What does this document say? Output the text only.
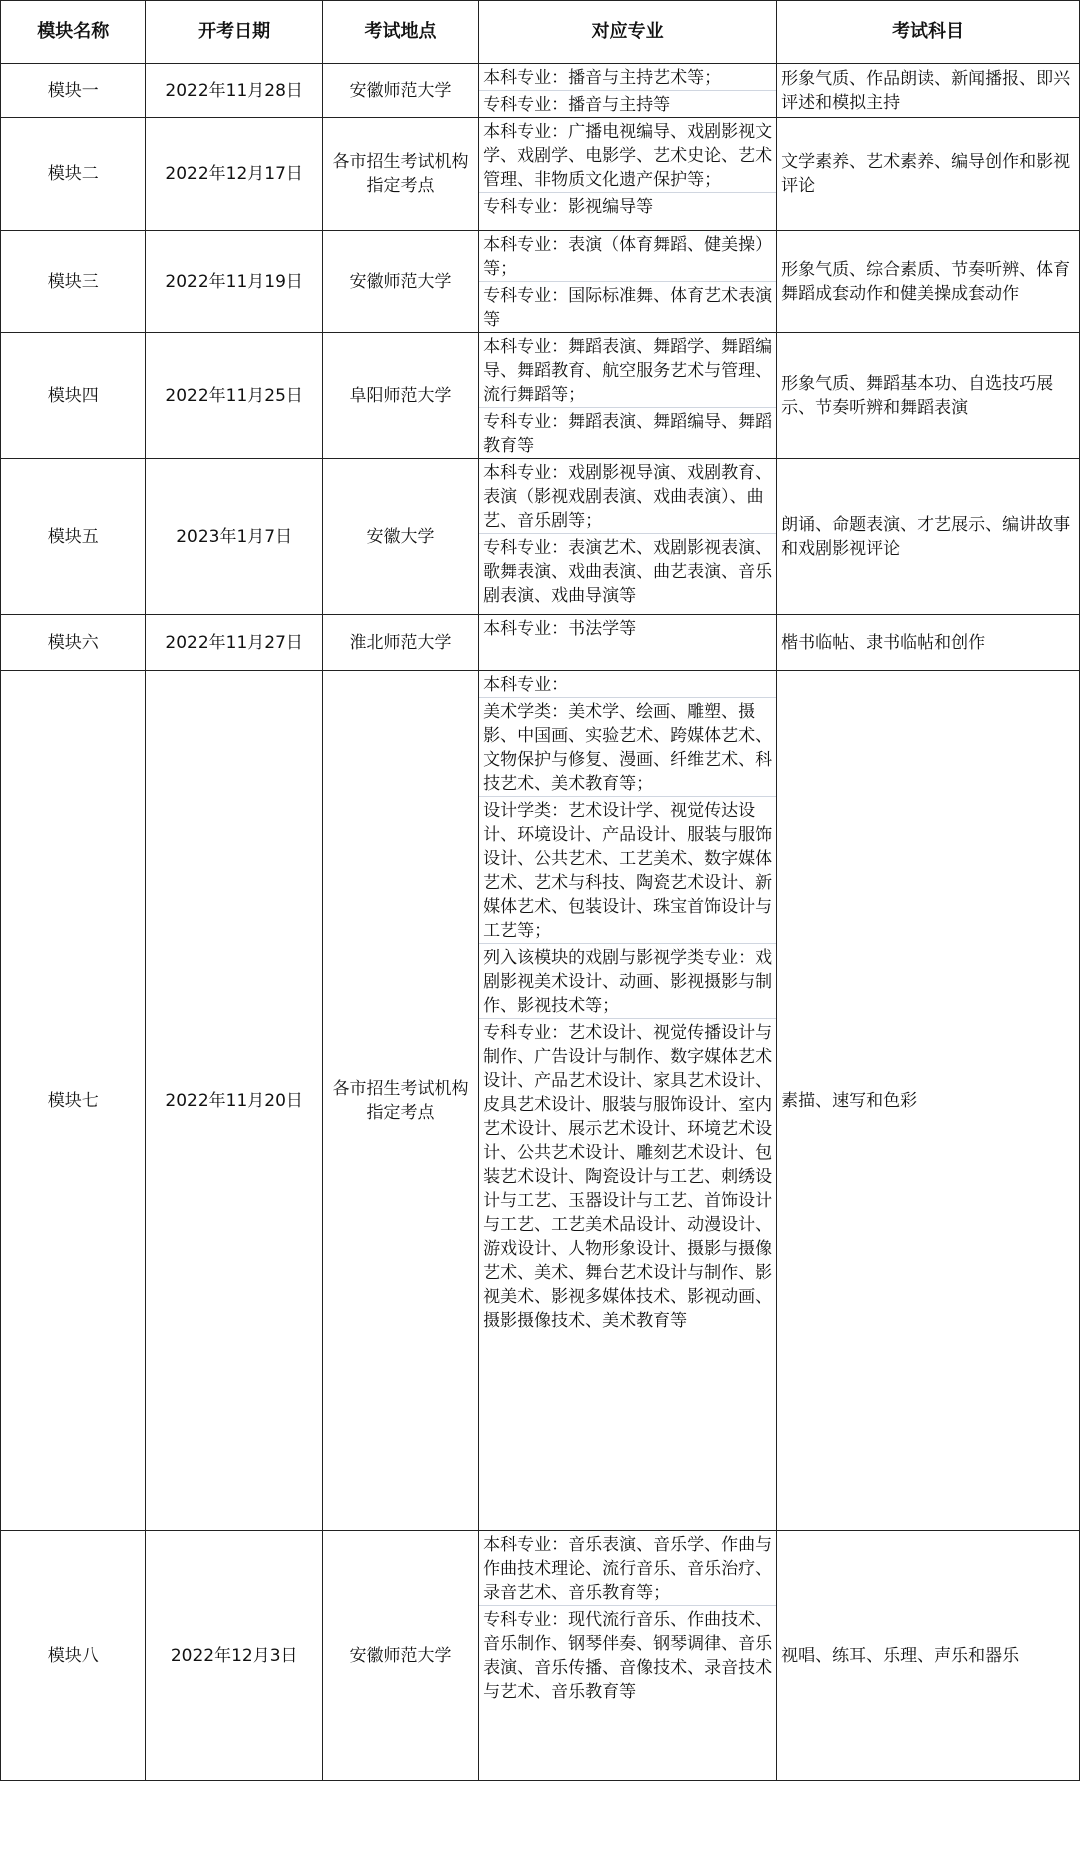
模块名称	开考日期	考试地点	对应专业	考试科目
模块一	2022年11月28日	安徽师范大学	本科专业：播音与主持艺术等；
专科专业：播音与主持等	形象气质、作品朗读、新闻播报、即兴评述和模拟主持
模块二	2022年12月17日	各市招生考试机构指定考点	本科专业：广播电视编导、戏剧影视文学、戏剧学、电影学、艺术史论、艺术管理、非物质文化遗产保护等；
专科专业：影视编导等	文学素养、艺术素养、编导创作和影视评论
模块三	2022年11月19日	安徽师范大学	本科专业：表演（体育舞蹈、健美操）等；
专科专业：国际标准舞、体育艺术表演等	形象气质、综合素质、节奏听辨、体育舞蹈成套动作和健美操成套动作
模块四	2022年11月25日	阜阳师范大学	本科专业：舞蹈表演、舞蹈学、舞蹈编导、舞蹈教育、航空服务艺术与管理、流行舞蹈等；
专科专业：舞蹈表演、舞蹈编导、舞蹈教育等	形象气质、舞蹈基本功、自选技巧展示、节奏听辨和舞蹈表演
模块五	2023年1月7日	安徽大学	本科专业：戏剧影视导演、戏剧教育、表演（影视戏剧表演、戏曲表演）、曲艺、音乐剧等；
专科专业：表演艺术、戏剧影视表演、歌舞表演、戏曲表演、曲艺表演、音乐剧表演、戏曲导演等	朗诵、命题表演、才艺展示、编讲故事和戏剧影视评论
模块六	2022年11月27日	淮北师范大学	本科专业：书法学等	楷书临帖、隶书临帖和创作
模块七	2022年11月20日	各市招生考试机构指定考点	本科专业：
美术学类：美术学、绘画、雕塑、摄影、中国画、实验艺术、跨媒体艺术、文物保护与修复、漫画、纤维艺术、科技艺术、美术教育等；
设计学类：艺术设计学、视觉传达设计、环境设计、产品设计、服装与服饰设计、公共艺术、工艺美术、数字媒体艺术、艺术与科技、陶瓷艺术设计、新媒体艺术、包装设计、珠宝首饰设计与工艺等；
列入该模块的戏剧与影视学类专业：戏剧影视美术设计、动画、影视摄影与制作、影视技术等；
专科专业：艺术设计、视觉传播设计与制作、广告设计与制作、数字媒体艺术设计、产品艺术设计、家具艺术设计、皮具艺术设计、服装与服饰设计、室内艺术设计、展示艺术设计、环境艺术设计、公共艺术设计、雕刻艺术设计、包装艺术设计、陶瓷设计与工艺、刺绣设计与工艺、玉器设计与工艺、首饰设计与工艺、工艺美术品设计、动漫设计、游戏设计、人物形象设计、摄影与摄像艺术、美术、舞台艺术设计与制作、影视美术、影视多媒体技术、影视动画、摄影摄像技术、美术教育等	素描、速写和色彩
模块八	2022年12月3日	安徽师范大学	本科专业：音乐表演、音乐学、作曲与作曲技术理论、流行音乐、音乐治疗、录音艺术、音乐教育等；
专科专业：现代流行音乐、作曲技术、音乐制作、钢琴伴奏、钢琴调律、音乐表演、音乐传播、音像技术、录音技术与艺术、音乐教育等	视唱、练耳、乐理、声乐和器乐
